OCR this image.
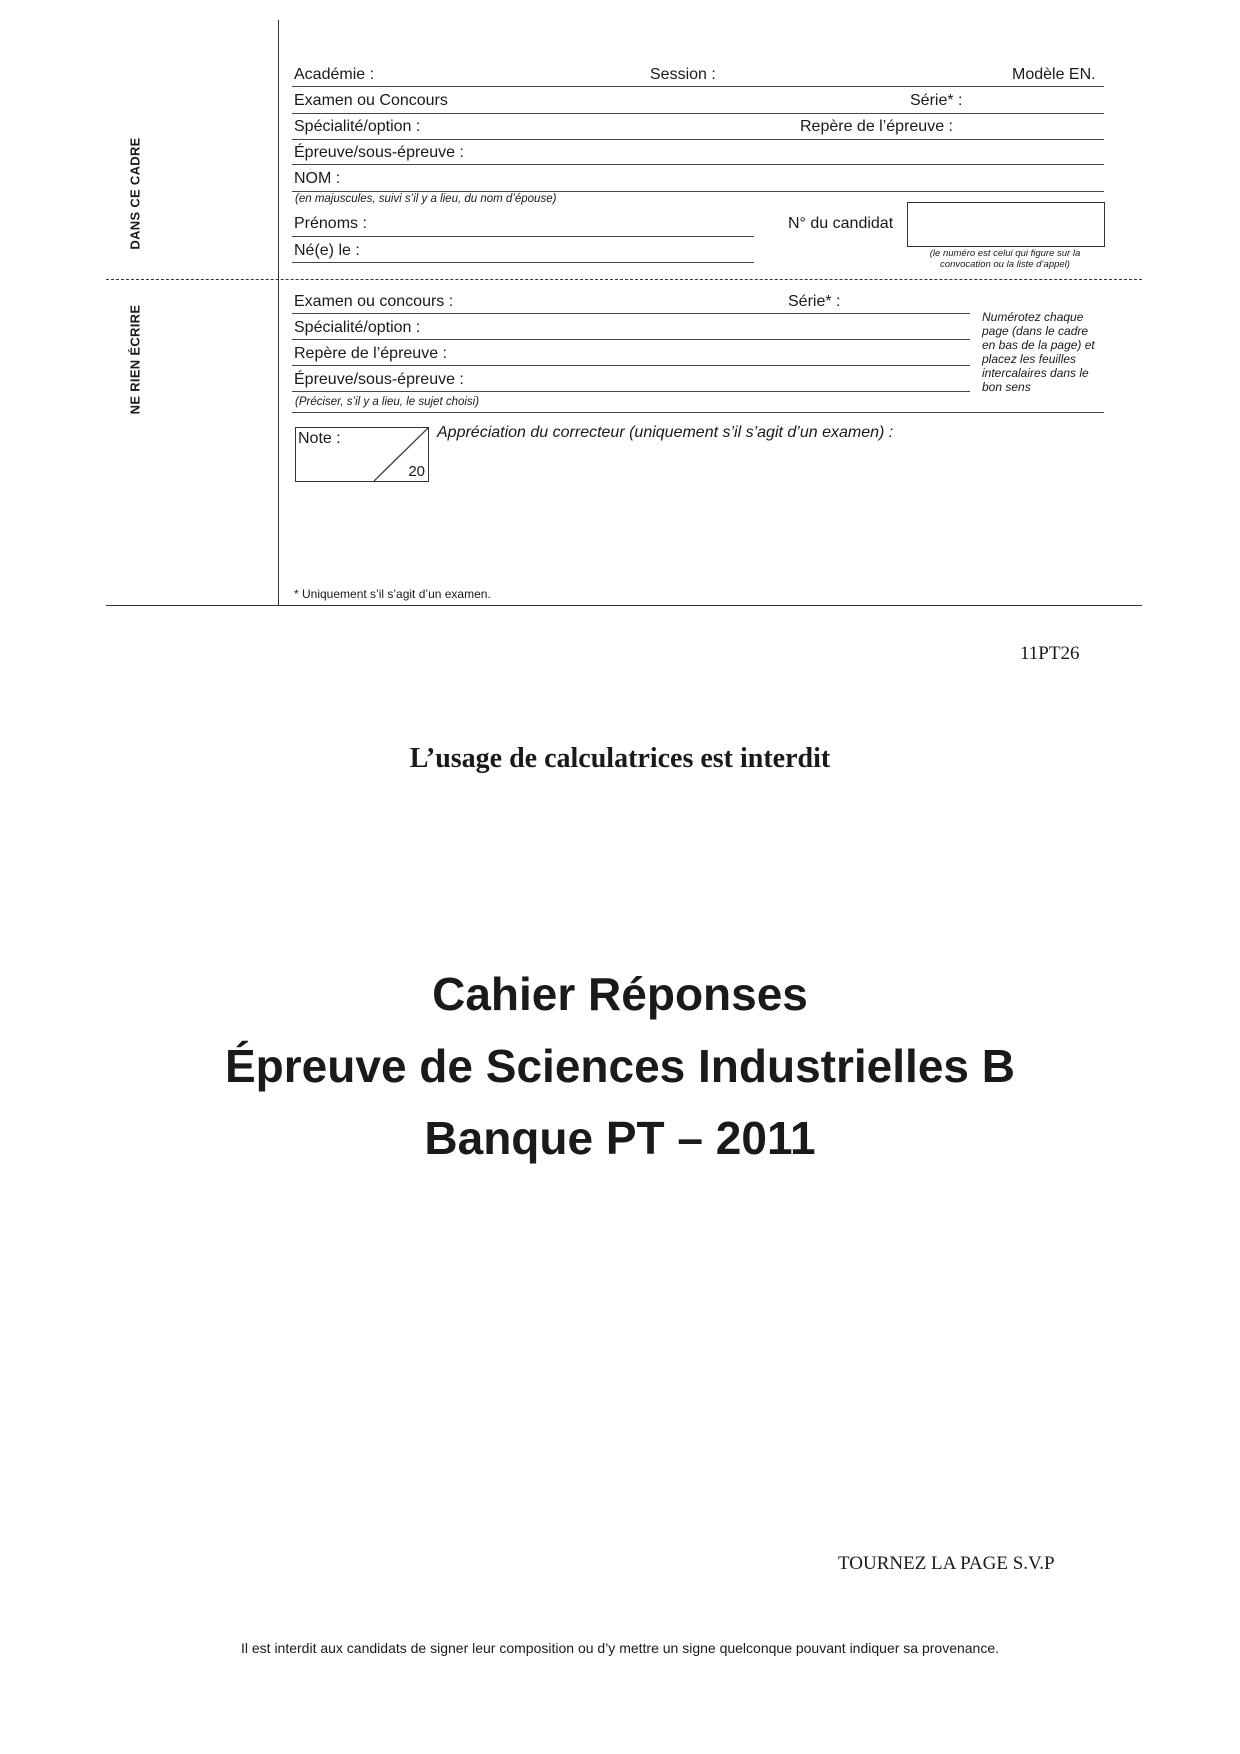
DANS CE CADRE
NE RIEN ÉCRIRE
Académie :	Session :	Modèle EN.
Examen ou Concours	Série* :
Spécialité/option :	Repère de l’épreuve :
Épreuve/sous-épreuve :
NOM :
(en majuscules, suivi s’il y a lieu, du nom d’épouse)
Prénoms :	N° du candidat
Né(e) le :	(le numéro est celui qui figure sur la
convocation ou la liste d’appel)
Examen ou concours :	Série* :
Spécialité/option :
Repère de l’épreuve :
Épreuve/sous-épreuve :
(Préciser, s’il y a lieu, le sujet choisi)
Numérotez chaque
page (dans le cadre
en bas de la page) et
placez les feuilles
intercalaires dans le
bon sens
Note :
20
Appréciation du correcteur (uniquement s’il s’agit d’un examen) :
* Uniquement s’il s’agit d’un examen.
11PT26
L’usage de calculatrices est interdit
Cahier Réponses
Épreuve de Sciences Industrielles B
Banque PT – 2011
TOURNEZ LA PAGE S.V.P
Il est interdit aux candidats de signer leur composition ou d’y mettre un signe quelconque pouvant indiquer sa provenance.
